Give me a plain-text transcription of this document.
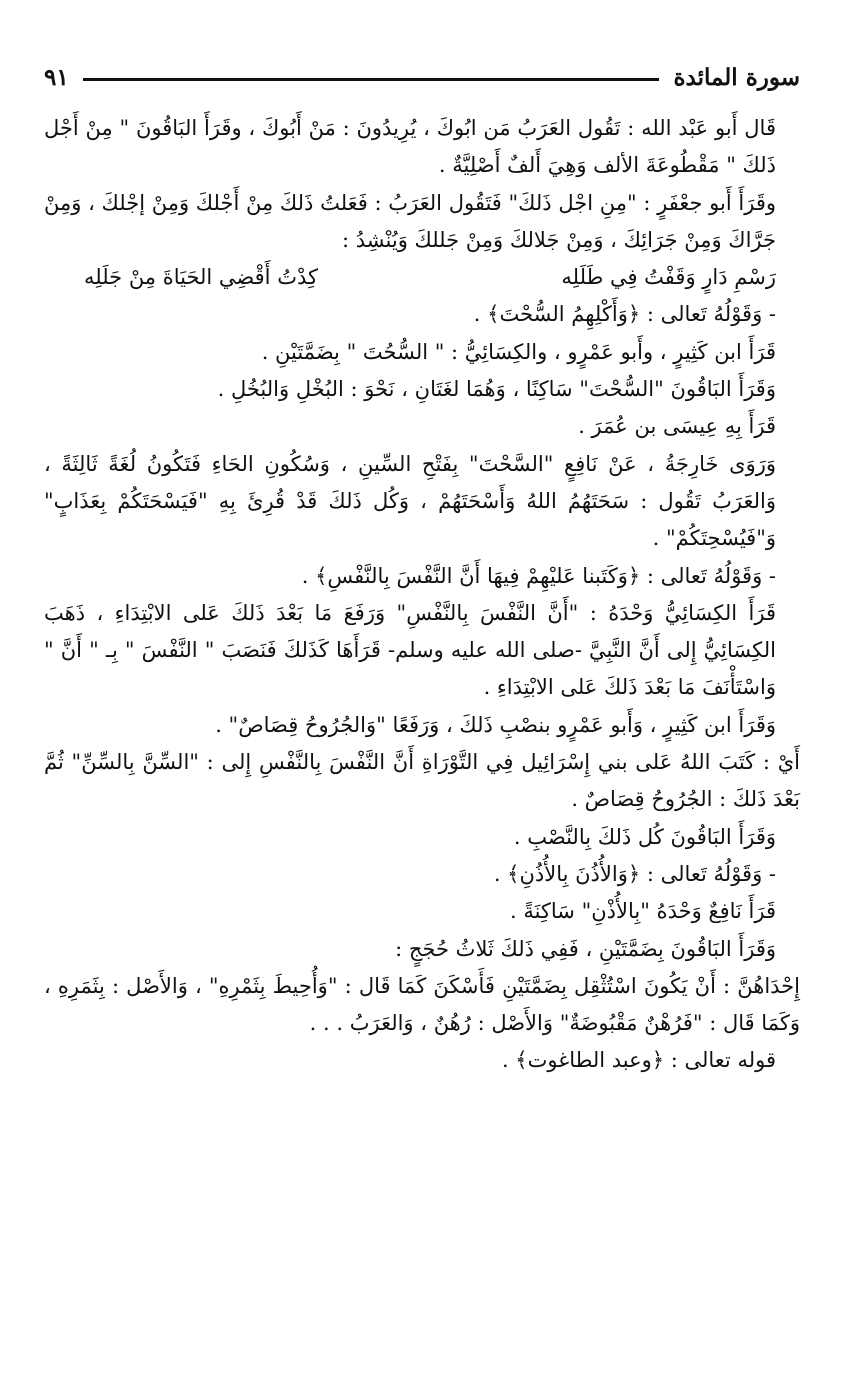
سورة المائدة
٩١

قَال أَبو عَبْد الله : تَقُول العَرَبُ مَن ابُوكَ ، يُرِيدُونَ : مَنْ أَبُوكَ ، وقَرَأَ البَاقُونَ " مِنْ أَجْل ذَلكَ " مَقْطُوعَةَ الألف وَهِيَ أَلفٌ أَصْلِيَّةٌ .

وقَرَأَ أَبو جعْفَرٍ : "مِنِ اجْل ذَلكَ" فَتَقُول العَرَبُ : فَعَلتُ ذَلكَ مِنْ أَجْلكَ وَمِنْ إجْلكَ ، وَمِنْ جَرَّاكَ وَمِنْ جَرَائِكَ ، وَمِنْ جَلالكَ وَمِنْ جَللكَ وَيُنْشِدُ :

رَسْمِ دَارٍ وَقَفْتُ فِي طَلَلِه
كِدْتُ أَقْضِي الحَيَاةَ مِنْ جَلَلِه

- وَقَوْلُهُ تَعالى : ﴿وَأَكْلِهِمُ السُّحْتَ﴾ .

قَرَأَ ابن كَثِيرٍ ، وأَبو عَمْرٍو ، والكِسَائِيُّ : " السُّحُتَ " بِضَمَّتَيْنِ .

وَقَرَأَ البَاقُونَ "السُّحْتَ" سَاكِنًا ، وَهُمَا لغَتَانِ ، نَحْوَ : البُخْلِ وَالبُخُلِ .

قَرَأَ بِهِ عِيسَى بن عُمَرَ .

وَرَوَى خَارِجَةُ ، عَنْ نَافِعٍ "السَّحْتَ" بِفَتْحِ السِّينِ ، وَسُكُونِ الحَاءِ فَتَكُونُ لُغَةً ثَالِثَةً ، وَالعَرَبُ تَقُول : سَحَتَهُمُ اللهُ وَأَسْحَتَهُمْ ، وَكُل ذَلكَ قَدْ قُرِئَ بِهِ "فَيَسْحَتَكُمْ بِعَذَابٍ" وَ"فَيُسْحِتَكُمْ" .

- وَقَوْلُهُ تَعالى : ﴿وَكَتَبنا عَليْهِمْ فِيهَا أَنَّ النَّفْسَ بِالنَّفْسِ﴾ .

قَرَأَ الكِسَائِيُّ وَحْدَهُ : "أَنَّ النَّفْسَ بِالنَّفْسِ" وَرَفَعَ مَا بَعْدَ ذَلكَ عَلى الابْتِدَاءِ ، ذَهَبَ الكِسَائِيُّ إِلى أَنَّ النَّبِيَّ -صلى الله عليه وسلم- قَرَأَهَا كَذَلكَ فَنَصَبَ " النَّفْسَ " بِـ " أَنَّ " وَاسْتَأْنَفَ مَا بَعْدَ ذَلكَ عَلى الابْتِدَاءِ .

وَقَرَأَ ابن كَثِيرٍ ، وَأَبو عَمْرٍو بنصْبِ ذَلكَ ، وَرَفَعًا "وَالجُرُوحُ قِصَاصٌ" .

أَيْ : كَتَبَ اللهُ عَلى بني إِسْرَائِيل فِي التَّوْرَاةِ أَنَّ النَّفْسَ بِالنَّفْسِ إِلى : "السِّنَّ بِالسِّنِّ" ثُمَّ بَعْدَ ذَلكَ : الجُرُوحُ قِصَاصٌ .

وَقَرَأَ البَاقُونَ كُل ذَلكَ بِالنَّصْبِ .

- وَقَوْلُهُ تَعالى : ﴿وَالأُذُنَ بِالأُذُنِ﴾ .

قَرَأَ نَافِعٌ وَحْدَهُ "بِالأُذْنِ" سَاكِنَةً .

وَقَرَأَ البَاقُونَ بِضَمَّتَيْنِ ، فَفِي ذَلكَ ثَلاثُ حُجَجٍ :

إِحْدَاهُنَّ : أَنْ يَكُونَ اسْتُثْقِل بِضَمَّتَيْنِ فَأَسْكَنَ كَمَا قَال : "وَأُحِيطَ بِثَمْرِهِ" ، وَالأَصْل : بِثَمَرِهِ ، وَكَمَا قَال : "فَرُهْنٌ مَقْبُوضَةٌ" وَالأَصْل : رُهُنٌ ، وَالعَرَبُ . . .

قوله تعالى : ﴿وعبد الطاغوت﴾ .
